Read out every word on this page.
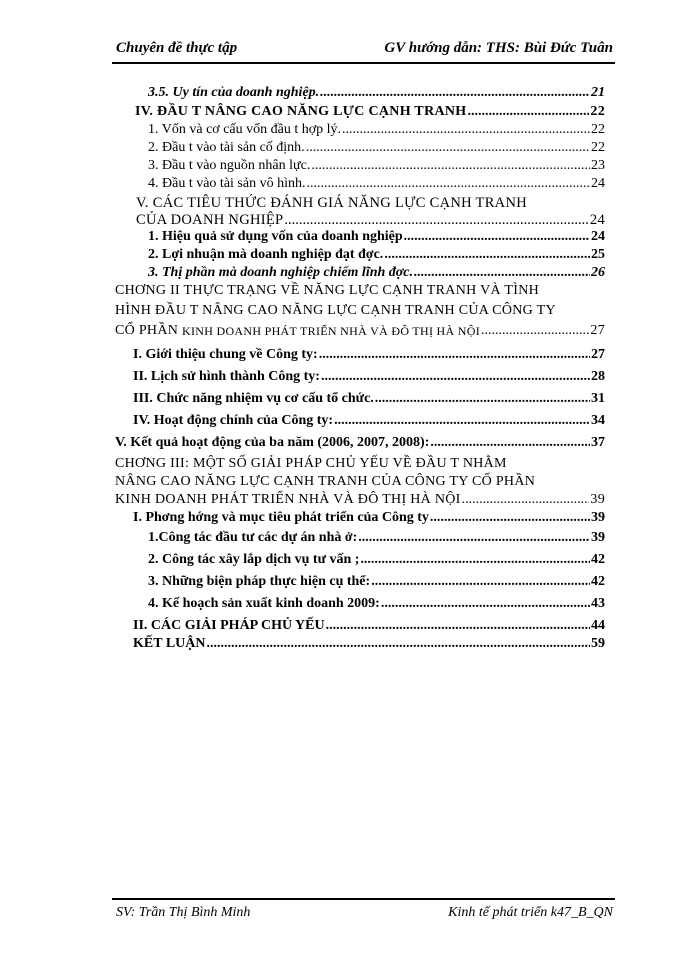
Chuyên đề thực tập	GV hướng dẫn: THS: Bùi Đức Tuân
3.5. Uy tín của doanh nghiệp. .....	21
IV. ĐẦU T NÂNG CAO NĂNG LỰC CẠNH TRANH .....	22
1. Vốn và cơ cấu vốn đầu t hợp lý. .....	22
2. Đầu t vào tài sản cố định. .....	22
3. Đầu t vào nguồn nhân lực. .....	23
4. Đầu t vào tài sản vô hình. .....	24
V. CÁC TIÊU THỨC ĐÁNH GIÁ NĂNG LỰC CẠNH TRANH
CỦA DOANH NGHIỆP .....	24
1. Hiệu quả sử dụng vốn của doanh nghiệp .....	24
2. Lợi nhuận mà doanh nghiệp đạt đợc. .....	25
3. Thị phần mà doanh nghiệp chiếm lĩnh đợc. .....	26
CHƠNG II THỰC TRẠNG VỀ NĂNG LỰC CẠNH TRANH VÀ TÌNH
HÌNH ĐẦU T NÂNG CAO NĂNG LỰC CẠNH TRANH CỦA CÔNG TY
CỔ PHẦN
KINH DOANH PHÁT TRIỂN NHÀ VÀ ĐÔ THỊ HÀ NỘI .....	27
I. Giới thiệu chung về Công ty: .....	27
II. Lịch sử hình thành Công ty: .....	28
III. Chức năng nhiệm vụ cơ cấu tổ chức. .....	31
IV. Hoạt động chính của Công ty: .....	34
V. Kết quả hoạt động của ba năm (2006, 2007, 2008): .....	37
CHƠNG III: MỘT SỐ GIẢI PHÁP CHỦ YẾU VỀ ĐẦU T NHẰM
NÂNG CAO NĂNG LỰC CẠNH TRANH CỦA CÔNG TY CỔ PHẦN
KINH DOANH PHÁT TRIỂN NHÀ VÀ ĐÔ THỊ HÀ NỘI .....	39
I. Phơng hớng và mục tiêu phát triển của Công ty .....	39
1.Công tác đầu tư các dự án nhà ở: .....	39
2. Công tác xây lắp dịch vụ tư vấn ; .....	42
3. Những biện pháp thực hiện cụ thể: .....	42
4. Kế hoạch sản xuất kinh doanh 2009: .....	43
II. CÁC GIẢI PHÁP CHỦ YẾU .....	44
KẾT LUẬN .....	59
SV: Trần Thị Bình Minh	Kinh tế phát triển k47_B_QN
